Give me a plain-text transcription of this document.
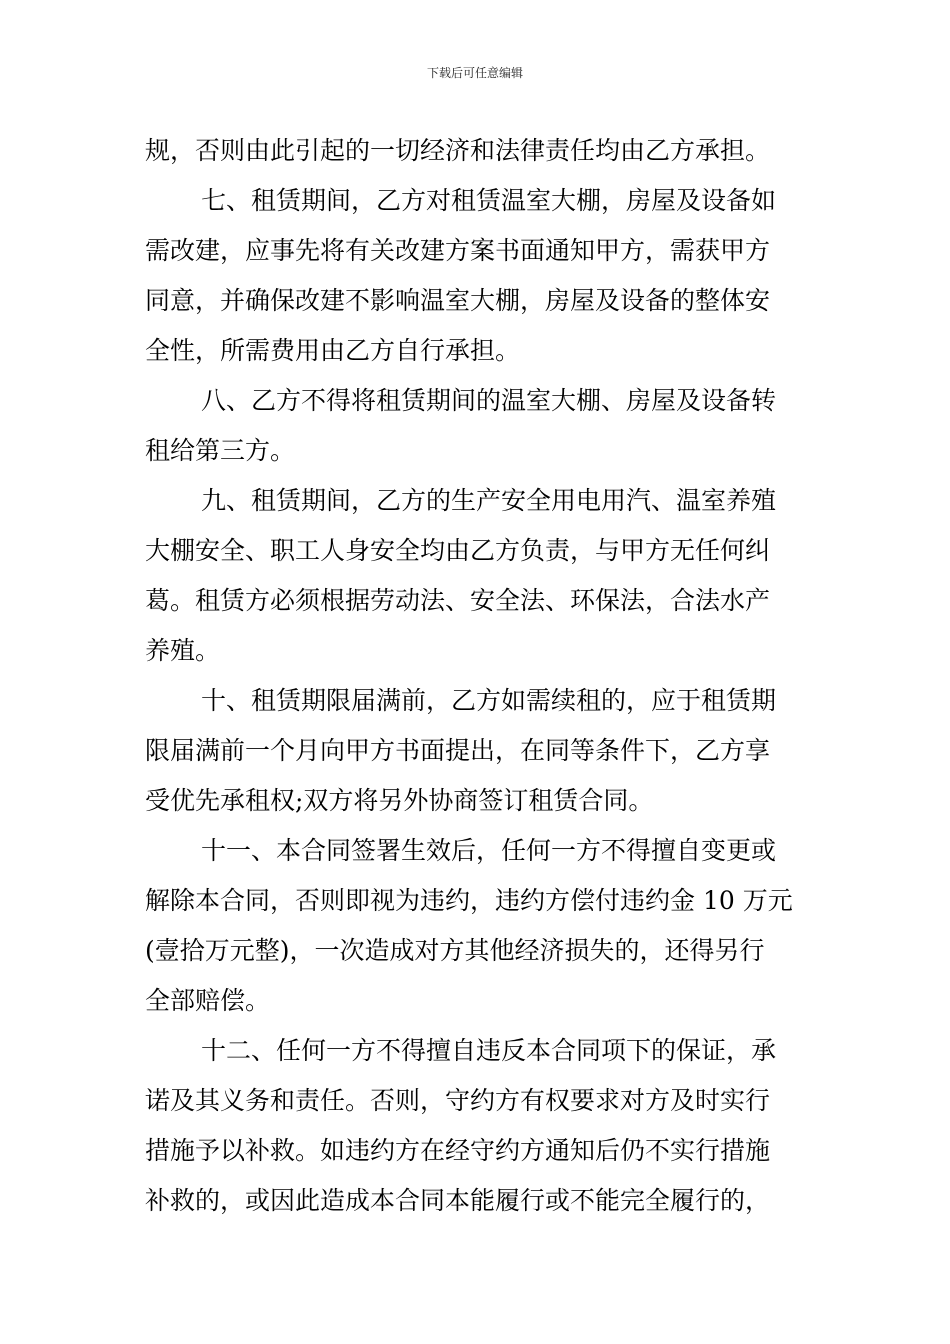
下载后可任意编辑
规，否则由此引起的一切经济和法律责任均由乙方承担。
七、租赁期间，乙方对租赁温室大棚，房屋及设备如
需改建，应事先将有关改建方案书面通知甲方，需获甲方
同意，并确保改建不影响温室大棚，房屋及设备的整体安
全性，所需费用由乙方自行承担。
八、乙方不得将租赁期间的温室大棚、房屋及设备转
租给第三方。
九、租赁期间，乙方的生产安全用电用汽、温室养殖
大棚安全、职工人身安全均由乙方负责，与甲方无任何纠
葛。租赁方必须根据劳动法、安全法、环保法，合法水产
养殖。
十、租赁期限届满前，乙方如需续租的，应于租赁期
限届满前一个月向甲方书面提出，在同等条件下，乙方享
受优先承租权;双方将另外协商签订租赁合同。
十一、本合同签署生效后，任何一方不得擅自变更或
解除本合同，否则即视为违约，违约方偿付违约金 10 万元
(壹拾万元整)，一次造成对方其他经济损失的，还得另行
全部赔偿。
十二、任何一方不得擅自违反本合同项下的保证，承
诺及其义务和责任。否则，守约方有权要求对方及时实行
措施予以补救。如违约方在经守约方通知后仍不实行措施
补救的，或因此造成本合同本能履行或不能完全履行的，
